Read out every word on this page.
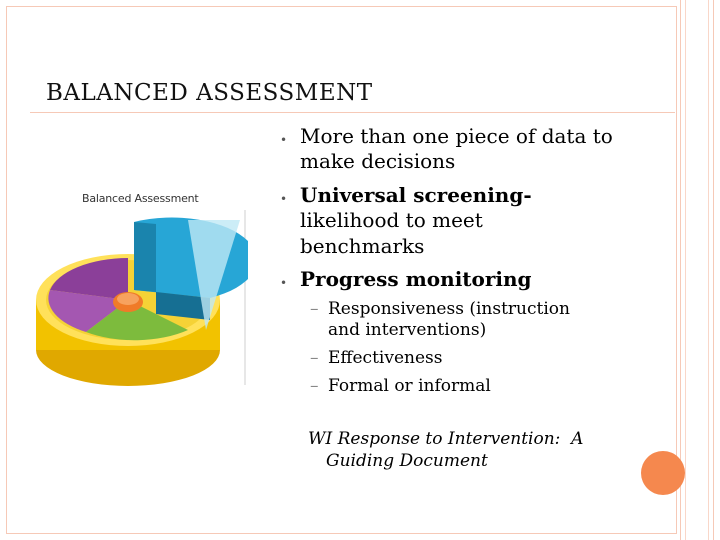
BALANCED ASSESSMENT
Balanced Assessment
• More than one piece of data to
make decisions
• Universal screening-
likelihood to meet
benchmarks
• Progress monitoring
– Responsiveness (instruction
and interventions)
– Effectiveness
– Formal or informal
WI Response to Intervention:  A
Guiding Document
